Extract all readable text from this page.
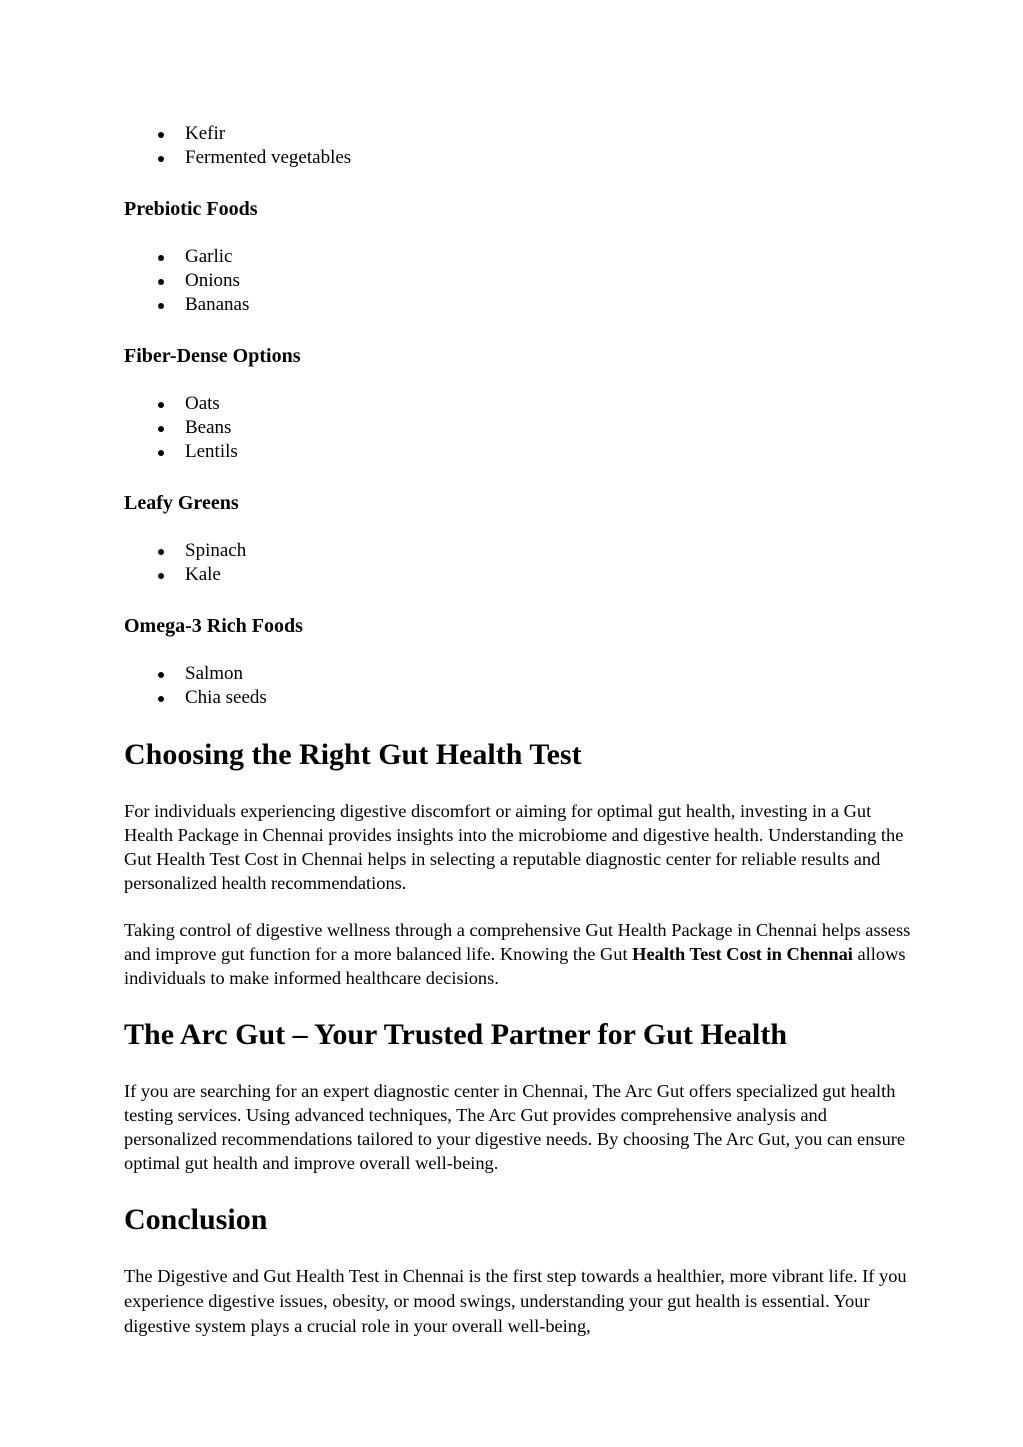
Kefir
Fermented vegetables
Prebiotic Foods
Garlic
Onions
Bananas
Fiber-Dense Options
Oats
Beans
Lentils
Leafy Greens
Spinach
Kale
Omega-3 Rich Foods
Salmon
Chia seeds
Choosing the Right Gut Health Test

For individuals experiencing digestive discomfort or aiming for optimal gut health, investing in a Gut Health Package in Chennai provides insights into the microbiome and digestive health. Understanding the Gut Health Test Cost in Chennai helps in selecting a reputable diagnostic center for reliable results and personalized health recommendations.

Taking control of digestive wellness through a comprehensive Gut Health Package in Chennai helps assess and improve gut function for a more balanced life. Knowing the Gut Health Test Cost in Chennai allows individuals to make informed healthcare decisions.

The Arc Gut – Your Trusted Partner for Gut Health

If you are searching for an expert diagnostic center in Chennai, The Arc Gut offers specialized gut health testing services. Using advanced techniques, The Arc Gut provides comprehensive analysis and personalized recommendations tailored to your digestive needs. By choosing The Arc Gut, you can ensure optimal gut health and improve overall well-being.

Conclusion

The Digestive and Gut Health Test in Chennai is the first step towards a healthier, more vibrant life. If you experience digestive issues, obesity, or mood swings, understanding your gut health is essential. Your digestive system plays a crucial role in your overall well-being,
